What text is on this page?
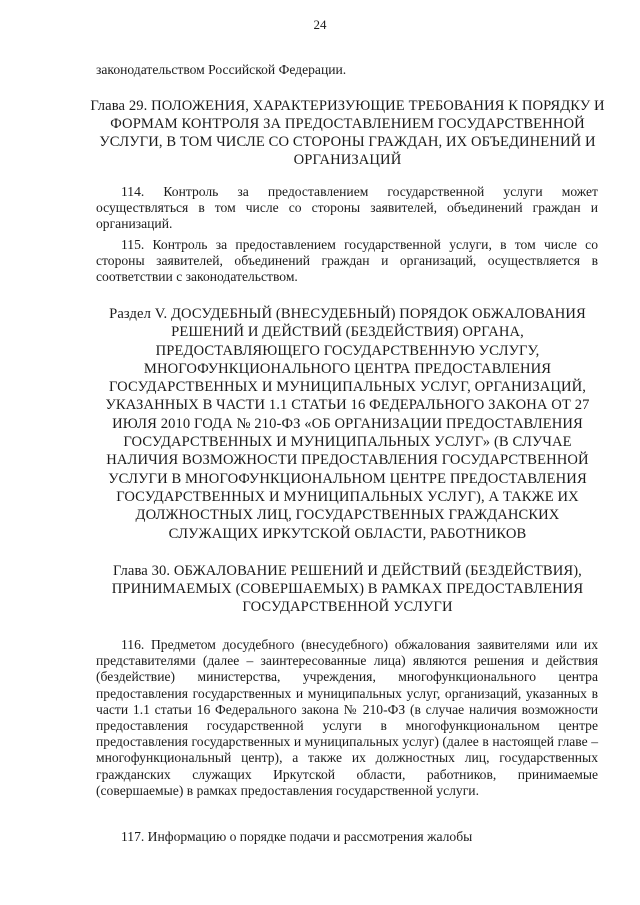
24
законодательством Российской Федерации.
Глава 29. ПОЛОЖЕНИЯ, ХАРАКТЕРИЗУЮЩИЕ ТРЕБОВАНИЯ К ПОРЯДКУ И ФОРМАМ КОНТРОЛЯ ЗА ПРЕДОСТАВЛЕНИЕМ ГОСУДАРСТВЕННОЙ УСЛУГИ, В ТОМ ЧИСЛЕ СО СТОРОНЫ ГРАЖДАН, ИХ ОБЪЕДИНЕНИЙ И ОРГАНИЗАЦИЙ

114. Контроль за предоставлением государственной услуги может осуществляться в том числе со стороны заявителей, объединений граждан и организаций.

115. Контроль за предоставлением государственной услуги, в том числе со стороны заявителей, объединений граждан и организаций, осуществляется в соответствии с законодательством.

Раздел V. ДОСУДЕБНЫЙ (ВНЕСУДЕБНЫЙ) ПОРЯДОК ОБЖАЛОВАНИЯ РЕШЕНИЙ И ДЕЙСТВИЙ (БЕЗДЕЙСТВИЯ) ОРГАНА, ПРЕДОСТАВЛЯЮЩЕГО ГОСУДАРСТВЕННУЮ УСЛУГУ, МНОГОФУНКЦИОНАЛЬНОГО ЦЕНТРА ПРЕДОСТАВЛЕНИЯ ГОСУДАРСТВЕННЫХ И МУНИЦИПАЛЬНЫХ УСЛУГ, ОРГАНИЗАЦИЙ, УКАЗАННЫХ В ЧАСТИ 1.1 СТАТЬИ 16 ФЕДЕРАЛЬНОГО ЗАКОНА ОТ 27 ИЮЛЯ 2010 ГОДА № 210-ФЗ «ОБ ОРГАНИЗАЦИИ ПРЕДОСТАВЛЕНИЯ ГОСУДАРСТВЕННЫХ И МУНИЦИПАЛЬНЫХ УСЛУГ» (В СЛУЧАЕ НАЛИЧИЯ ВОЗМОЖНОСТИ ПРЕДОСТАВЛЕНИЯ ГОСУДАРСТВЕННОЙ УСЛУГИ В МНОГОФУНКЦИОНАЛЬНОМ ЦЕНТРЕ ПРЕДОСТАВЛЕНИЯ ГОСУДАРСТВЕННЫХ И МУНИЦИПАЛЬНЫХ УСЛУГ), А ТАКЖЕ ИХ ДОЛЖНОСТНЫХ ЛИЦ, ГОСУДАРСТВЕННЫХ ГРАЖДАНСКИХ СЛУЖАЩИХ ИРКУТСКОЙ ОБЛАСТИ, РАБОТНИКОВ
Глава 30. ОБЖАЛОВАНИЕ РЕШЕНИЙ И ДЕЙСТВИЙ (БЕЗДЕЙСТВИЯ), ПРИНИМАЕМЫХ (СОВЕРШАЕМЫХ) В РАМКАХ ПРЕДОСТАВЛЕНИЯ ГОСУДАРСТВЕННОЙ УСЛУГИ

116. Предметом досудебного (внесудебного) обжалования заявителями или их представителями (далее – заинтересованные лица) являются решения и действия (бездействие) министерства, учреждения, многофункционального центра предоставления государственных и муниципальных услуг, организаций, указанных в части 1.1 статьи 16 Федерального закона № 210-ФЗ (в случае наличия возможности предоставления государственной услуги в многофункциональном центре предоставления государственных и муниципальных услуг) (далее в настоящей главе – многофункциональный центр), а также их должностных лиц, государственных гражданских служащих Иркутской области, работников, принимаемые (совершаемые) в рамках предоставления государственной услуги.

117. Информацию о порядке подачи и рассмотрения жалобы
